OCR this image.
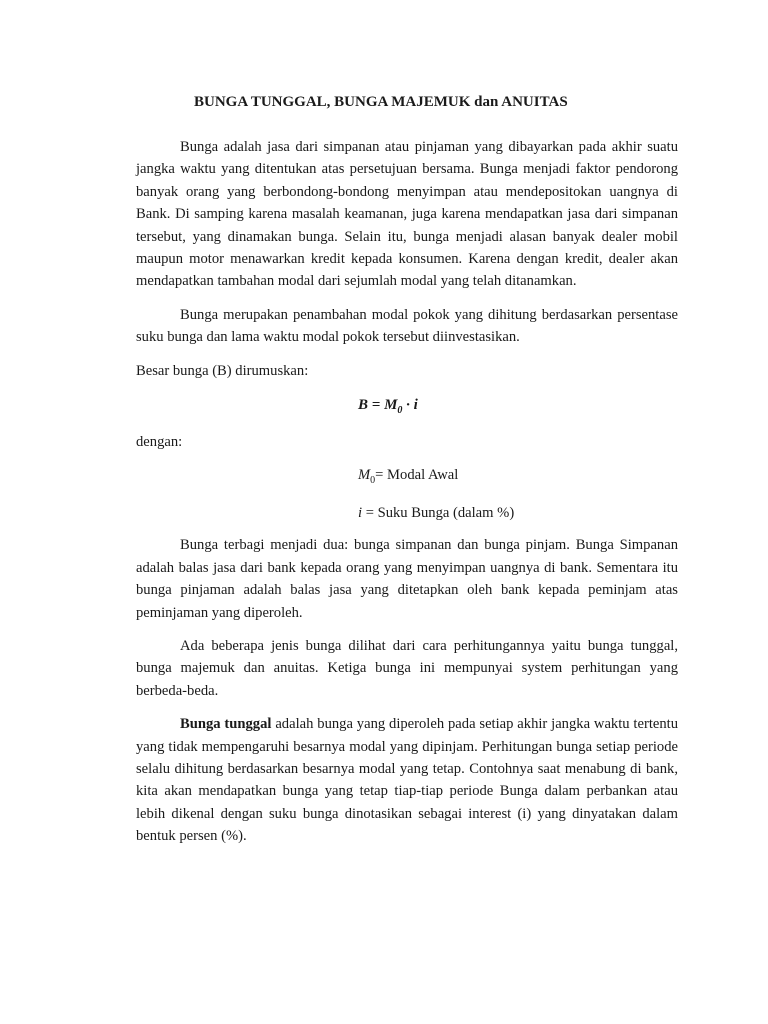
BUNGA TUNGGAL, BUNGA MAJEMUK dan ANUITAS

Bunga adalah jasa dari simpanan atau pinjaman yang dibayarkan pada akhir suatu jangka waktu yang ditentukan atas persetujuan bersama. Bunga menjadi faktor pendorong banyak orang yang berbondong-bondong menyimpan atau mendepositokan uangnya di Bank. Di samping karena masalah keamanan, juga karena mendapatkan jasa dari simpanan tersebut, yang dinamakan bunga. Selain itu, bunga menjadi alasan banyak dealer mobil maupun motor menawarkan kredit kepada konsumen. Karena dengan kredit, dealer akan mendapatkan tambahan modal dari sejumlah modal yang telah ditanamkan.

Bunga merupakan penambahan modal pokok yang dihitung berdasarkan persentase suku bunga dan lama waktu modal pokok tersebut diinvestasikan.

Besar bunga (B) dirumuskan:

$B = M_0 \cdot i$

dengan:

$M_0=$ Modal Awal
i = Suku Bunga (dalam %)

Bunga terbagi menjadi dua: bunga simpanan dan bunga pinjam. Bunga Simpanan adalah balas jasa dari bank kepada orang yang menyimpan uangnya di bank. Sementara itu bunga pinjaman adalah balas jasa yang ditetapkan oleh bank kepada peminjam atas peminjaman yang diperoleh.

Ada beberapa jenis bunga dilihat dari cara perhitungannya yaitu bunga tunggal, bunga majemuk dan anuitas. Ketiga bunga ini mempunyai system perhitungan yang berbeda-beda.

Bunga tunggal adalah bunga yang diperoleh pada setiap akhir jangka waktu tertentu yang tidak mempengaruhi besarnya modal yang dipinjam. Perhitungan bunga setiap periode selalu dihitung berdasarkan besarnya modal yang tetap. Contohnya saat menabung di bank, kita akan mendapatkan bunga yang tetap tiap-tiap periode Bunga dalam perbankan atau lebih dikenal dengan suku bunga dinotasikan sebagai interest (i) yang dinyatakan dalam bentuk persen (%).
